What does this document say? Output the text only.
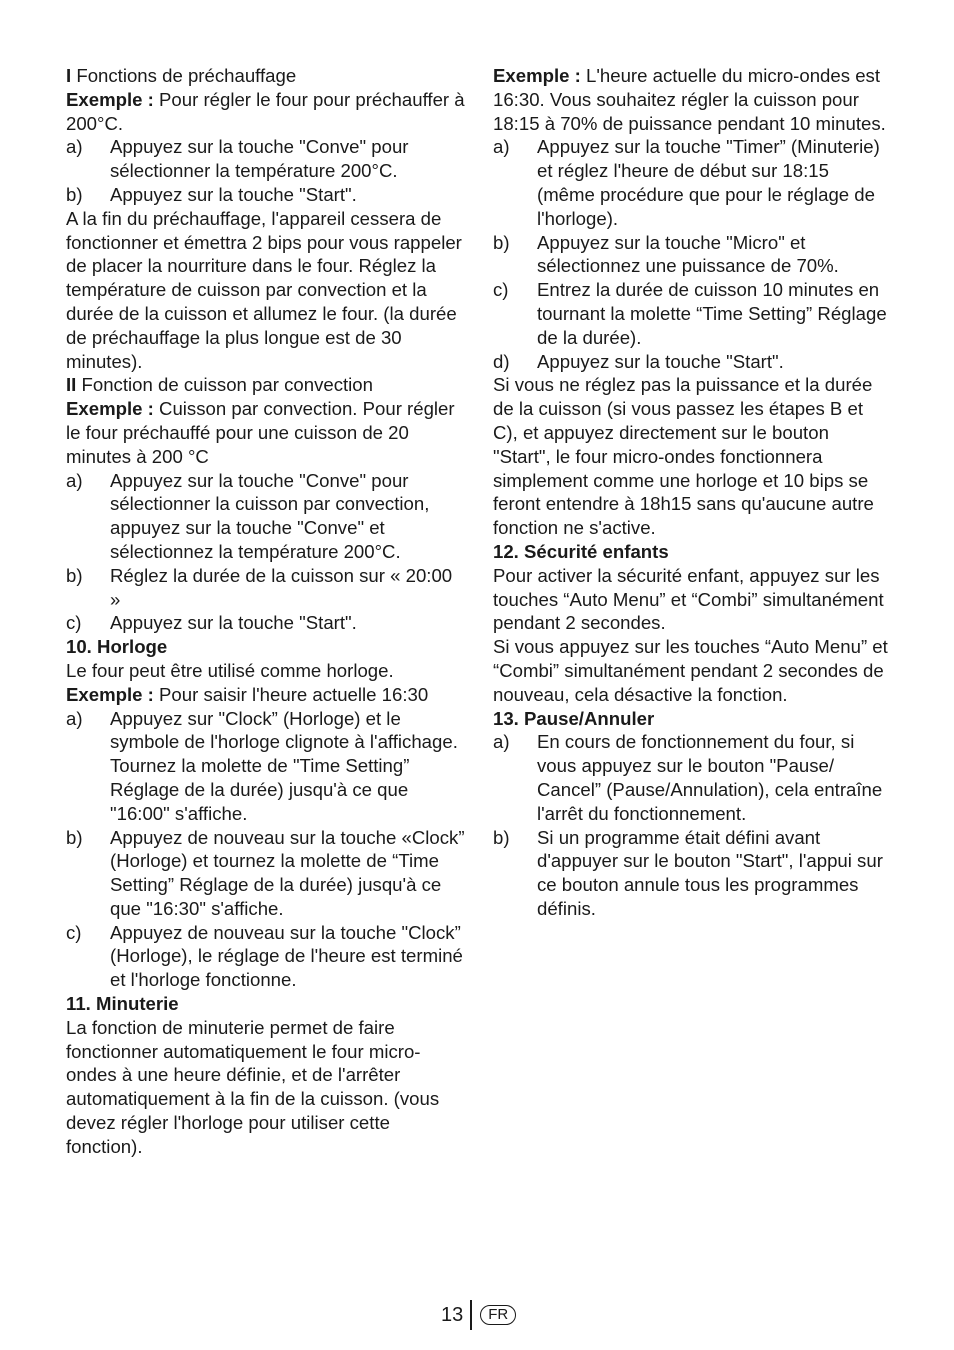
I Fonctions de préchauffage

Exemple : Pour régler le four pour préchauffer à 200°C.

a)	Appuyez sur la touche "Conve" pour sélectionner la température 200°C.
b)	Appuyez sur la touche "Start".

A la fin du préchauffage, l'appareil cessera de fonctionner et émettra 2 bips pour vous rappeler de placer la nourriture dans le four. Réglez la température de cuisson par convection et la durée de la cuisson et allumez le four. (la durée de préchauffage la plus longue est de 30 minutes).

II Fonction de cuisson par convection

Exemple : Cuisson par convection. Pour régler le four préchauffé pour une cuisson de 20 minutes à 200 °C

a)	Appuyez sur la touche "Conve" pour sélectionner la cuisson par convection, appuyez sur la touche "Conve" et sélectionnez la température 200°C.
b)	Réglez la durée de la cuisson sur « 20:00 »
c)	Appuyez sur la touche "Start".

10. Horloge

Le four peut être utilisé comme horloge.

Exemple : Pour saisir l'heure actuelle 16:30

a)	Appuyez sur "Clock” (Horloge) et le symbole de l'horloge clignote à l'affichage. Tournez la molette de "Time Setting” Réglage de la durée) jusqu'à ce que "16:00" s'affiche.
b)	Appuyez de nouveau sur la touche «Clock” (Horloge) et tournez la molette de “Time Setting” Réglage de la durée) jusqu'à ce que "16:30" s'affiche.
c)	Appuyez de nouveau sur la touche "Clock” (Horloge), le réglage de l'heure est terminé et l'horloge fonctionne.

11. Minuterie

La fonction de minuterie permet de faire fonctionner automatiquement le four micro-ondes à une heure définie, et de l'arrêter automatiquement à la fin de la cuisson. (vous devez régler l'horloge pour utiliser cette fonction).

Exemple : L'heure actuelle du micro-ondes est 16:30. Vous souhaitez régler la cuisson pour 18:15 à 70% de puissance pendant 10 minutes.

a)	Appuyez sur la touche "Timer” (Minuterie) et réglez l'heure de début sur 18:15 (même procédure que pour le réglage de l'horloge).
b)	Appuyez sur la touche "Micro" et sélectionnez une puissance de 70%.
c)	Entrez la durée de cuisson 10 minutes en tournant la molette “Time Setting” Réglage de la durée).
d)	Appuyez sur la touche "Start".

Si vous ne réglez pas la puissance et la durée de la cuisson (si vous passez les étapes B et C), et appuyez directement sur le bouton "Start", le four micro-ondes fonctionnera simplement comme une horloge et 10 bips se feront entendre à 18h15 sans qu'aucune autre fonction ne s'active.

12. Sécurité enfants

Pour activer la sécurité enfant, appuyez sur les touches “Auto Menu” et “Combi” simultanément pendant 2 secondes.

Si vous appuyez sur les touches “Auto Menu” et “Combi” simultanément pendant 2 secondes de nouveau, cela désactive la fonction.

13. Pause/Annuler

a)	En cours de fonctionnement du four, si vous appuyez sur le bouton "Pause/ Cancel” (Pause/Annulation), cela entraîne l'arrêt du fonctionnement.
b)	Si un programme était défini avant d'appuyer sur le bouton "Start", l'appui sur ce bouton annule tous les programmes définis.
13	FR
